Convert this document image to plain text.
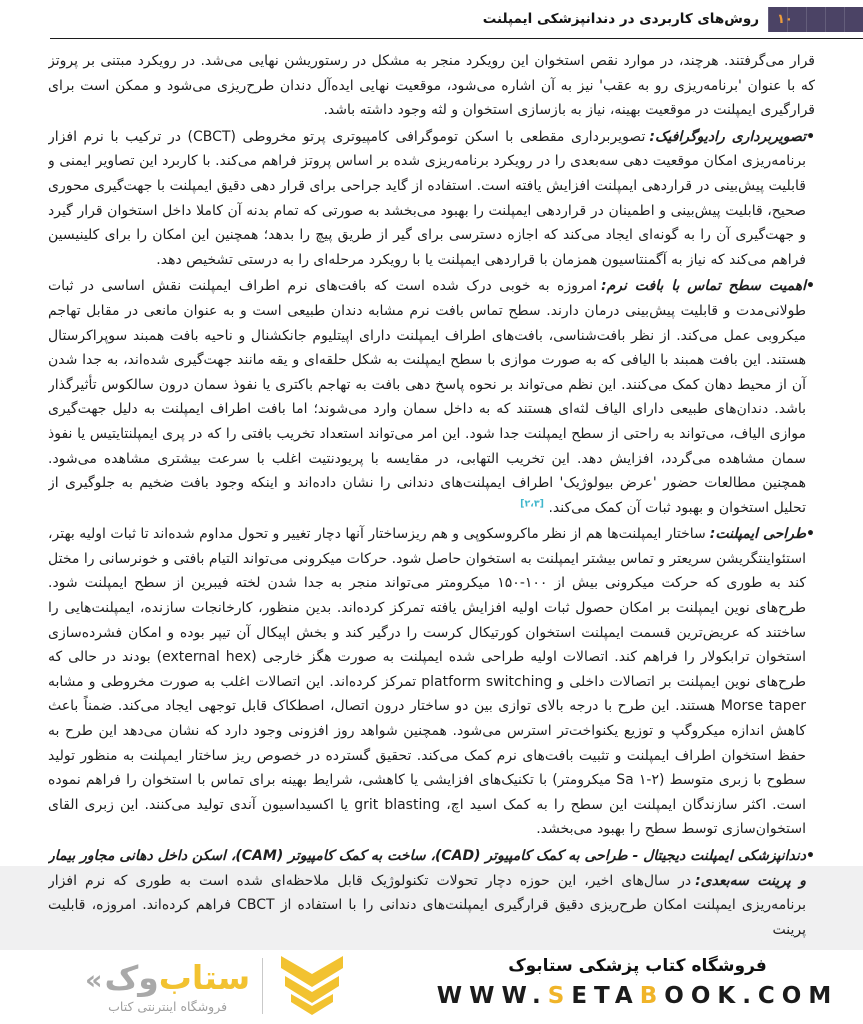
۱۰
روش‌های کاربردی در دندانپزشکی ایمپلنت

قرار می‌گرفتند. هرچند، در موارد نقص استخوان این رویکرد منجر به مشکل در رستوریشن نهایی می‌شد. در رویکرد مبتنی بر پروتز که با عنوان 'برنامه‌ریزی رو به عقب' نیز به آن اشاره می‌شود، موقعیت نهایی ایده‌آل دندان طرح‌ریزی می‌شود و ممکن است برای قرارگیری ایمپلنت در موقعیت بهینه، نیاز به بازسازی استخوان و لثه وجود داشته باشد.

•تصویربرداری رادیوگرافیک:تصویربرداری مقطعی با اسکن توموگرافی کامپیوتری پرتو مخروطی (CBCT) در ترکیب با نرم افزار برنامه‌ریزی امکان موقعیت دهی سه‌بعدی را در رویکرد برنامه‌ریزی شده بر اساس پروتز فراهم می‌کند. با کاربرد این تصاویر ایمنی و قابلیت پیش‌بینی در قراردهی ایمپلنت افزایش یافته است. استفاده از گاید جراحی برای قرار دهی دقیق ایمپلنت با جهت‌گیری محوری صحیح، قابلیت پیش‌بینی و اطمینان در قراردهی ایمپلنت را بهبود می‌بخشد به صورتی که تمام بدنه آن کاملا داخل استخوان قرار گیرد و جهت‌گیری آن را به گونه‌ای ایجاد می‌کند که اجازه دسترسی برای گیر از طریق پیچ را بدهد؛ همچنین این امکان را برای کلینیسین فراهم می‌کند که نیاز به آگمنتاسیون همزمان با قراردهی ایمپلنت یا با رویکرد مرحله‌ای را به درستی تشخیص دهد.

•اهمیت سطح تماس با بافت نرم:امروزه به خوبی درک شده است که بافت‌های نرم اطراف ایمپلنت نقش اساسی در ثبات طولانی‌مدت و قابلیت پیش‌بینی درمان دارند. سطح تماس بافت نرم مشابه دندان طبیعی است و به عنوان مانعی در مقابل تهاجم میکروبی عمل می‌کند. از نظر بافت‌شناسی، بافت‌های اطراف ایمپلنت دارای اپیتلیوم جانکشنال و ناحیه بافت همبند سوپراکرستال هستند. این بافت همبند با الیافی که به صورت موازی با سطح ایمپلنت به شکل حلقه‌ای و یقه مانند جهت‌گیری شده‌اند، به جدا شدن آن از محیط دهان کمک می‌کنند. این نظم می‌تواند بر نحوه پاسخ دهی بافت به تهاجم باکتری یا نفوذ سمان درون سالکوس تأثیرگذار باشد. دندان‌های طبیعی دارای الیاف لثه‌ای هستند که به داخل سمان وارد می‌شوند؛ اما بافت اطراف ایمپلنت به دلیل جهت‌گیری موازی الیاف، می‌تواند به راحتی از سطح ایمپلنت جدا شود. این امر می‌تواند استعداد تخریب بافتی را که در پری ایمپلنتایتیس یا نفوذ سمان مشاهده می‌گردد، افزایش دهد. این تخریب التهابی، در مقایسه با پریودنتیت اغلب با سرعت بیشتری مشاهده می‌شود. همچنین مطالعات حضور 'عرض بیولوژیک' اطراف ایمپلنت‌های دندانی را نشان داده‌اند و اینکه وجود بافت ضخیم به جلوگیری از تحلیل استخوان و بهبود ثبات آن کمک می‌کند. [۲،۳]

•طراحی ایمپلنت:ساختار ایمپلنت‌ها هم از نظر ماکروسکوپی و هم ریزساختار آنها دچار تغییر و تحول مداوم شده‌اند تا ثبات اولیه بهتر، استئواینتگریشن سریعتر و تماس بیشتر ایمپلنت به استخوان حاصل شود. حرکات میکرونی می‌تواند التیام بافتی و خونرسانی را مختل کند به طوری که حرکت میکرونی بیش از ۱۰۰-۱۵۰ میکرومتر می‌تواند منجر به جدا شدن لخته فیبرین از سطح ایمپلنت شود. طرح‌های نوین ایمپلنت بر امکان حصول ثبات اولیه افزایش یافته تمرکز کرده‌اند. بدین منظور، کارخانجات سازنده، ایمپلنت‌هایی را ساختند که عریض‌ترین قسمت ایمپلنت استخوان کورتیکال کرست را درگیر کند و بخش اپیکال آن تیپر بوده و امکان فشرده‌سازی استخوان ترابکولار را فراهم کند. اتصالات اولیه طراحی شده ایمپلنت به صورت هگز خارجی (external hex) بودند در حالی که طرح‌های نوین ایمپلنت بر اتصالات داخلی و platform switching تمرکز کرده‌اند. این اتصالات اغلب به صورت مخروطی و مشابه Morse taper هستند. این طرح با درجه بالای توازی بین دو ساختار درون اتصال، اصطکاک قابل توجهی ایجاد می‌کند. ضمناً باعث کاهش اندازه میکروگپ و توزیع یکنواخت‌تر استرس می‌شود. همچنین شواهد روز افزونی وجود دارد که نشان می‌دهد این طرح به حفظ استخوان اطراف ایمپلنت و تثبیت بافت‌های نرم کمک می‌کند. تحقیق گسترده در خصوص ریز ساختار ایمپلنت به منظور تولید سطوح با زبری متوسط (Sa ۱-۲ میکرومتر) با تکنیک‌های افزایشی یا کاهشی، شرایط بهینه برای تماس با استخوان را فراهم نموده است. اکثر سازندگان ایمپلنت این سطح را به کمک اسید اچ، grit blasting یا اکسیداسیون آندی تولید می‌کنند. این زبری القای استخوان‌سازی توسط سطح را بهبود می‌بخشد.

•دندانپزشکی ایمپلنت دیجیتال - طراحی به کمک کامپیوتر (CAD)، ساخت به کمک کامپیوتر (CAM)، اسکن داخل دهانی مجاور بیمار و پرینت سه‌بعدی:در سال‌های اخیر، این حوزه دچار تحولات تکنولوژیک قابل ملاحظه‌ای شده است به طوری که نرم افزار برنامه‌ریزی ایمپلنت امکان طرح‌ریزی دقیق قرارگیری ایمپلنت‌های دندانی را با استفاده از CBCT فراهم کرده‌اند. امروزه، قابلیت پرینت

« وک ستاب
فروشگاه اینترنتی کتاب
فروشگاه کتاب پزشکی ستابوک
WWW.SETABOOK.COM
